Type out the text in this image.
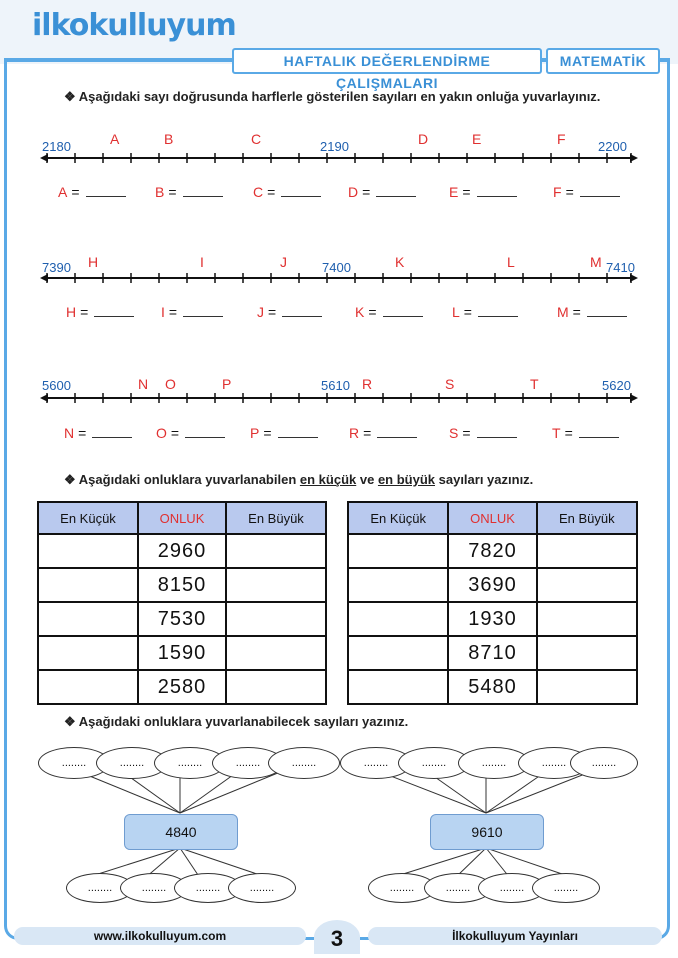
ilkokulluyum
HAFTALIK DEĞERLENDİRME ÇALIŞMALARI
MATEMATİK
❖ Aşağıdaki sayı doğrusunda harflerle gösterilen sayıları en yakın onluğa yuvarlayınız.
2180	2190	2200
A	B	C	D	E	F
A =	B =	C =	D =	E =	F =
7390	7400	7410
H	I	J	K	L	M
H =	I =	J =	K =	L =	M =
5600	5610	5620
N O	P	R	S	T
N =	O =	P =	R =	S =	T =
❖ Aşağıdaki onluklara yuvarlanabilen en küçük ve en büyük sayıları yazınız.
En Küçük	ONLUK	En Büyük
	2960	
	8150	
	7530	
	1590	
	2580	
En Küçük	ONLUK	En Büyük
	7820	
	3690	
	1930	
	8710	
	5480	
❖ Aşağıdaki onluklara yuvarlanabilecek sayıları yazınız.
........	........	........	........	........
4840
........	........	........	........
........	........	........	........	........
9610
........	........	........	........
www.ilkokulluyum.com	İlkokulluyum Yayınları
3
